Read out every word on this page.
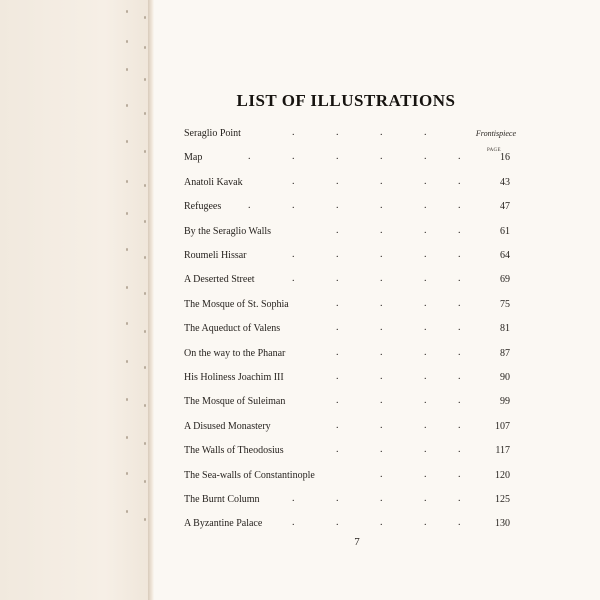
LIST OF ILLUSTRATIONS
PAGE
Seraglio Point	.	.	.	.	Frontispiece
Map	.	.	.	.	.	.	16
Anatoli Kavak	.	.	.	.	.	43
Refugees	.	.	.	.	.	.	47
By the Seraglio Walls	.	.	.	.	61
Roumeli Hissar	.	.	.	.	.	64
A Deserted Street	.	.	.	.	.	69
The Mosque of St. Sophia	.	.	.	.	75
The Aqueduct of Valens	.	.	.	.	81
On the way to the Phanar	.	.	.	.	87
His Holiness Joachim III	.	.	.	.	90
The Mosque of Suleiman	.	.	.	.	99
A Disused Monastery	.	.	.	.	107
The Walls of Theodosius	.	.	.	.	117
The Sea-walls of Constantinople	.	.	.	120
The Burnt Column	.	.	.	.	.	125
A Byzantine Palace	.	.	.	.	.	130
7
